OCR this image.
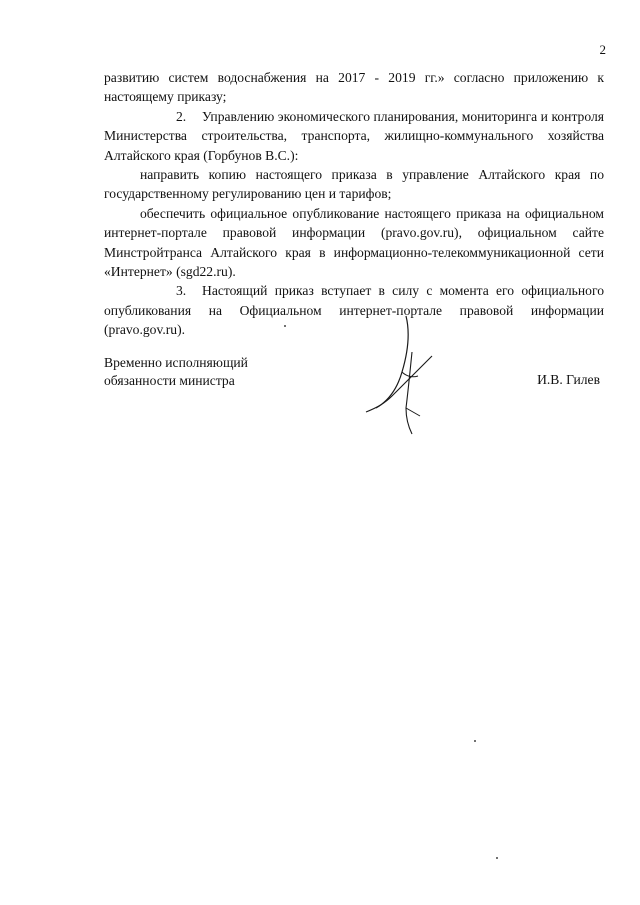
2

развитию систем водоснабжения на 2017 - 2019 гг.» согласно приложению к настоящему приказу;

2. Управлению экономического планирования, мониторинга и контроля Министерства строительства, транспорта, жилищно-коммунального хозяйства Алтайского края (Горбунов В.С.):

направить копию настоящего приказа в управление Алтайского края по государственному регулированию цен и тарифов;

обеспечить официальное опубликование настоящего приказа на официальном интернет-портале правовой информации (pravo.gov.ru), официальном сайте Минстройтранса Алтайского края в информационно-телекоммуникационной сети «Интернет» (sgd22.ru).

3. Настоящий приказ вступает в силу с момента его официального опубликования на Официальном интернет-портале правовой информации (pravo.gov.ru).

Временно исполняющий
обязанности министра	И.В. Гилев
